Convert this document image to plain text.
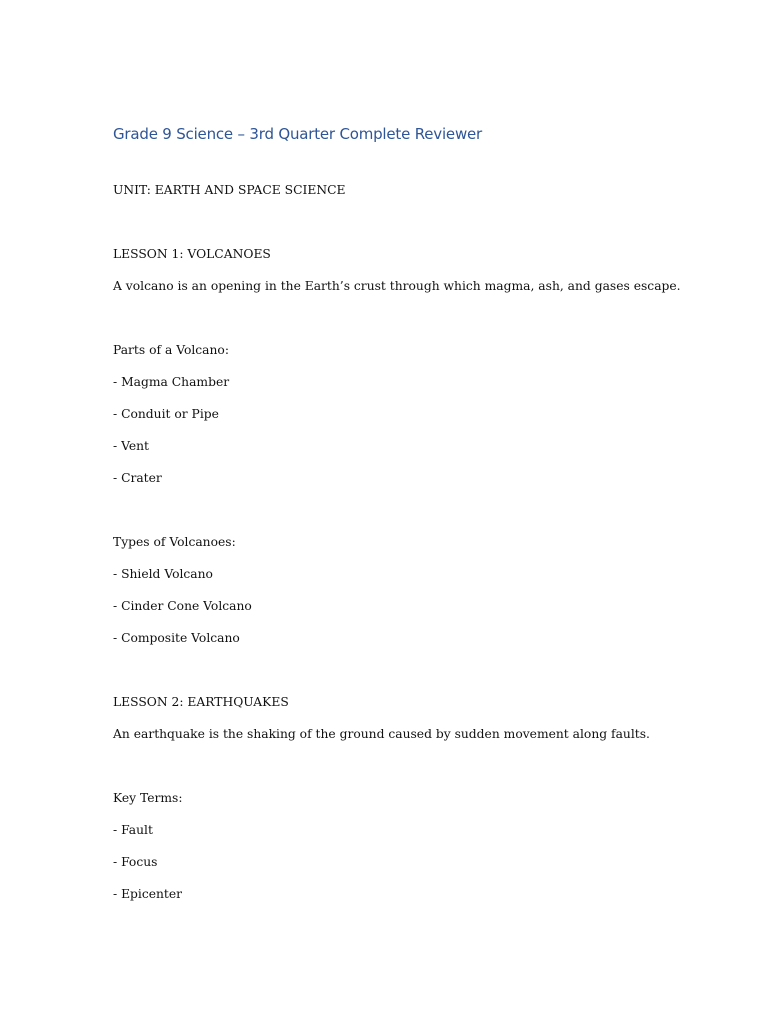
Grade 9 Science – 3rd Quarter Complete Reviewer
UNIT: EARTH AND SPACE SCIENCE
LESSON 1: VOLCANOES
A volcano is an opening in the Earth’s crust through which magma, ash, and gases escape.
Parts of a Volcano:
- Magma Chamber
- Conduit or Pipe
- Vent
- Crater
Types of Volcanoes:
- Shield Volcano
- Cinder Cone Volcano
- Composite Volcano
LESSON 2: EARTHQUAKES
An earthquake is the shaking of the ground caused by sudden movement along faults.
Key Terms:
- Fault
- Focus
- Epicenter
